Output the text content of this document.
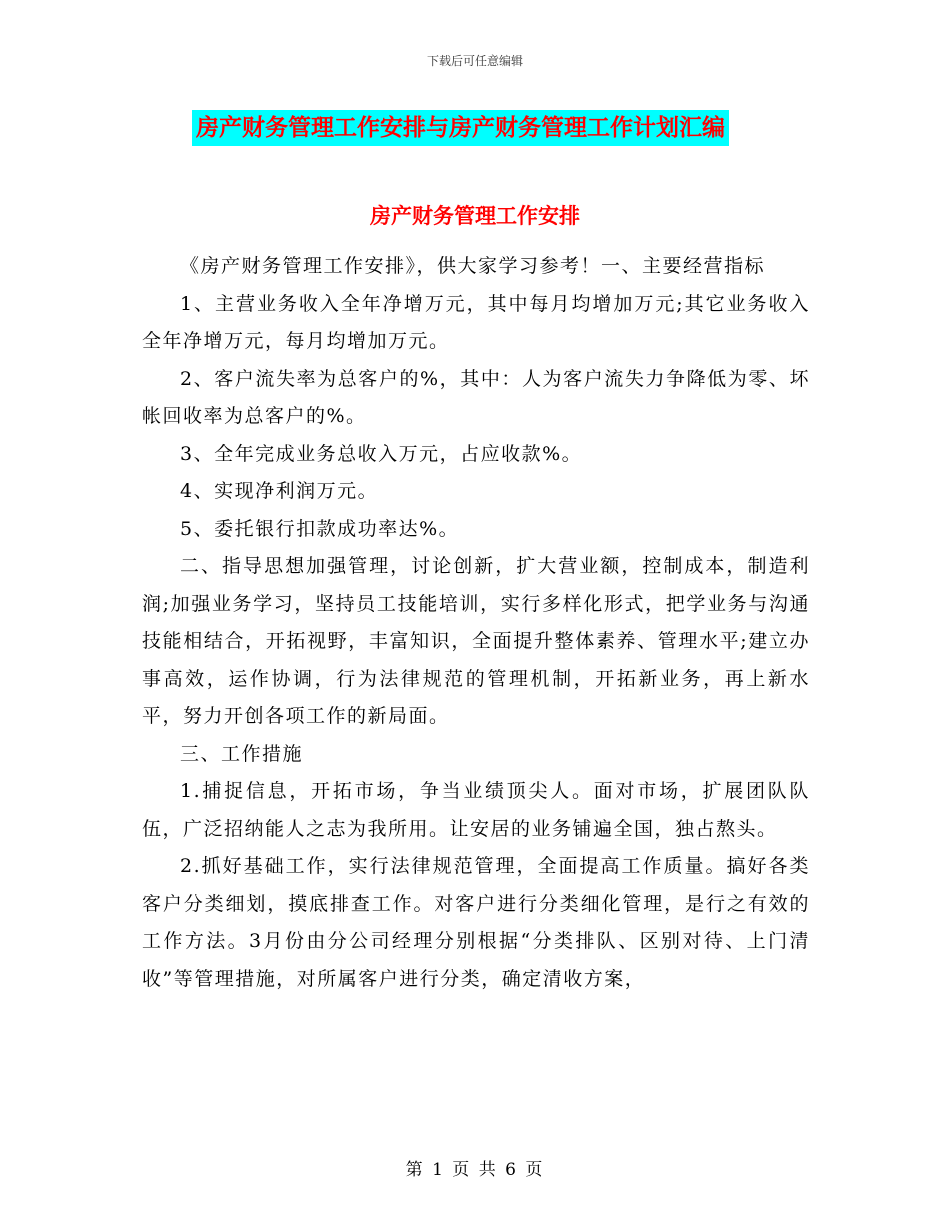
下载后可任意编辑
房产财务管理工作安排与房产财务管理工作计划汇编
房产财务管理工作安排

《房产财务管理工作安排》，供大家学习参考！一、主要经营指标

1、主营业务收入全年净增万元，其中每月均增加万元;其它业务收入全年净增万元，每月均增加万元。

2、客户流失率为总客户的%，其中：人为客户流失力争降低为零、坏帐回收率为总客户的%。

3、全年完成业务总收入万元，占应收款%。

4、实现净利润万元。

5、委托银行扣款成功率达%。

二、指导思想加强管理，讨论创新，扩大营业额，控制成本，制造利润;加强业务学习，坚持员工技能培训，实行多样化形式，把学业务与沟通技能相结合，开拓视野，丰富知识，全面提升整体素养、管理水平;建立办事高效，运作协调，行为法律规范的管理机制，开拓新业务，再上新水平，努力开创各项工作的新局面。

三、工作措施

1.捕捉信息，开拓市场，争当业绩顶尖人。面对市场，扩展团队队伍，广泛招纳能人之志为我所用。让安居的业务铺遍全国，独占熬头。

2.抓好基础工作，实行法律规范管理，全面提高工作质量。搞好各类客户分类细划，摸底排查工作。对客户进行分类细化管理，是行之有效的工作方法。3月份由分公司经理分别根据“分类排队、区别对待、上门清收”等管理措施，对所属客户进行分类，确定清收方案，

第 1 页 共 6 页
